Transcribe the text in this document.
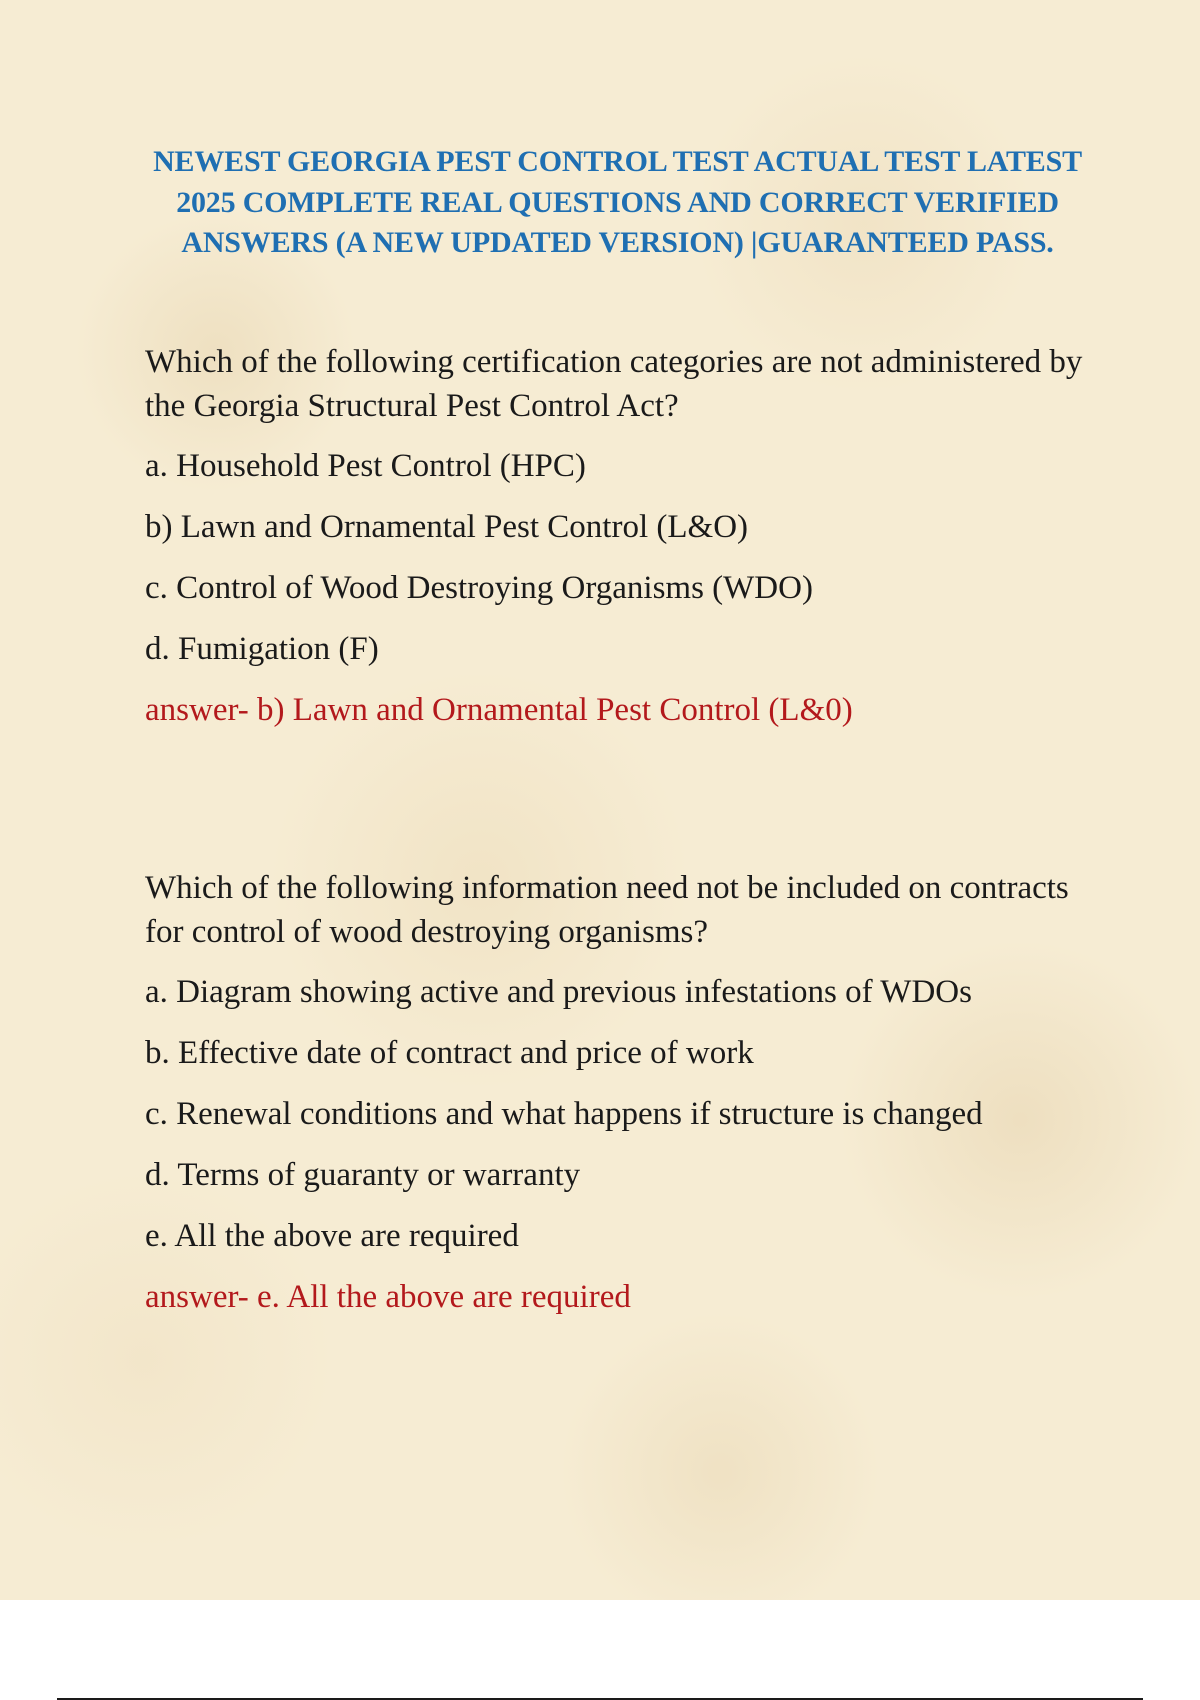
NEWEST GEORGIA PEST CONTROL TEST ACTUAL TEST LATEST 2025 COMPLETE REAL QUESTIONS AND CORRECT VERIFIED ANSWERS (A NEW UPDATED VERSION) |GUARANTEED PASS.

Which of the following certification categories are not administered by the Georgia Structural Pest Control Act?

a. Household Pest Control (HPC)
b) Lawn and Ornamental Pest Control (L&O)
c. Control of Wood Destroying Organisms (WDO)
d. Fumigation (F)

answer- b) Lawn and Ornamental Pest Control (L&0)

Which of the following information need not be included on contracts for control of wood destroying organisms?

a. Diagram showing active and previous infestations of WDOs
b. Effective date of contract and price of work
c. Renewal conditions and what happens if structure is changed
d. Terms of guaranty or warranty
e. All the above are required

answer- e. All the above are required
